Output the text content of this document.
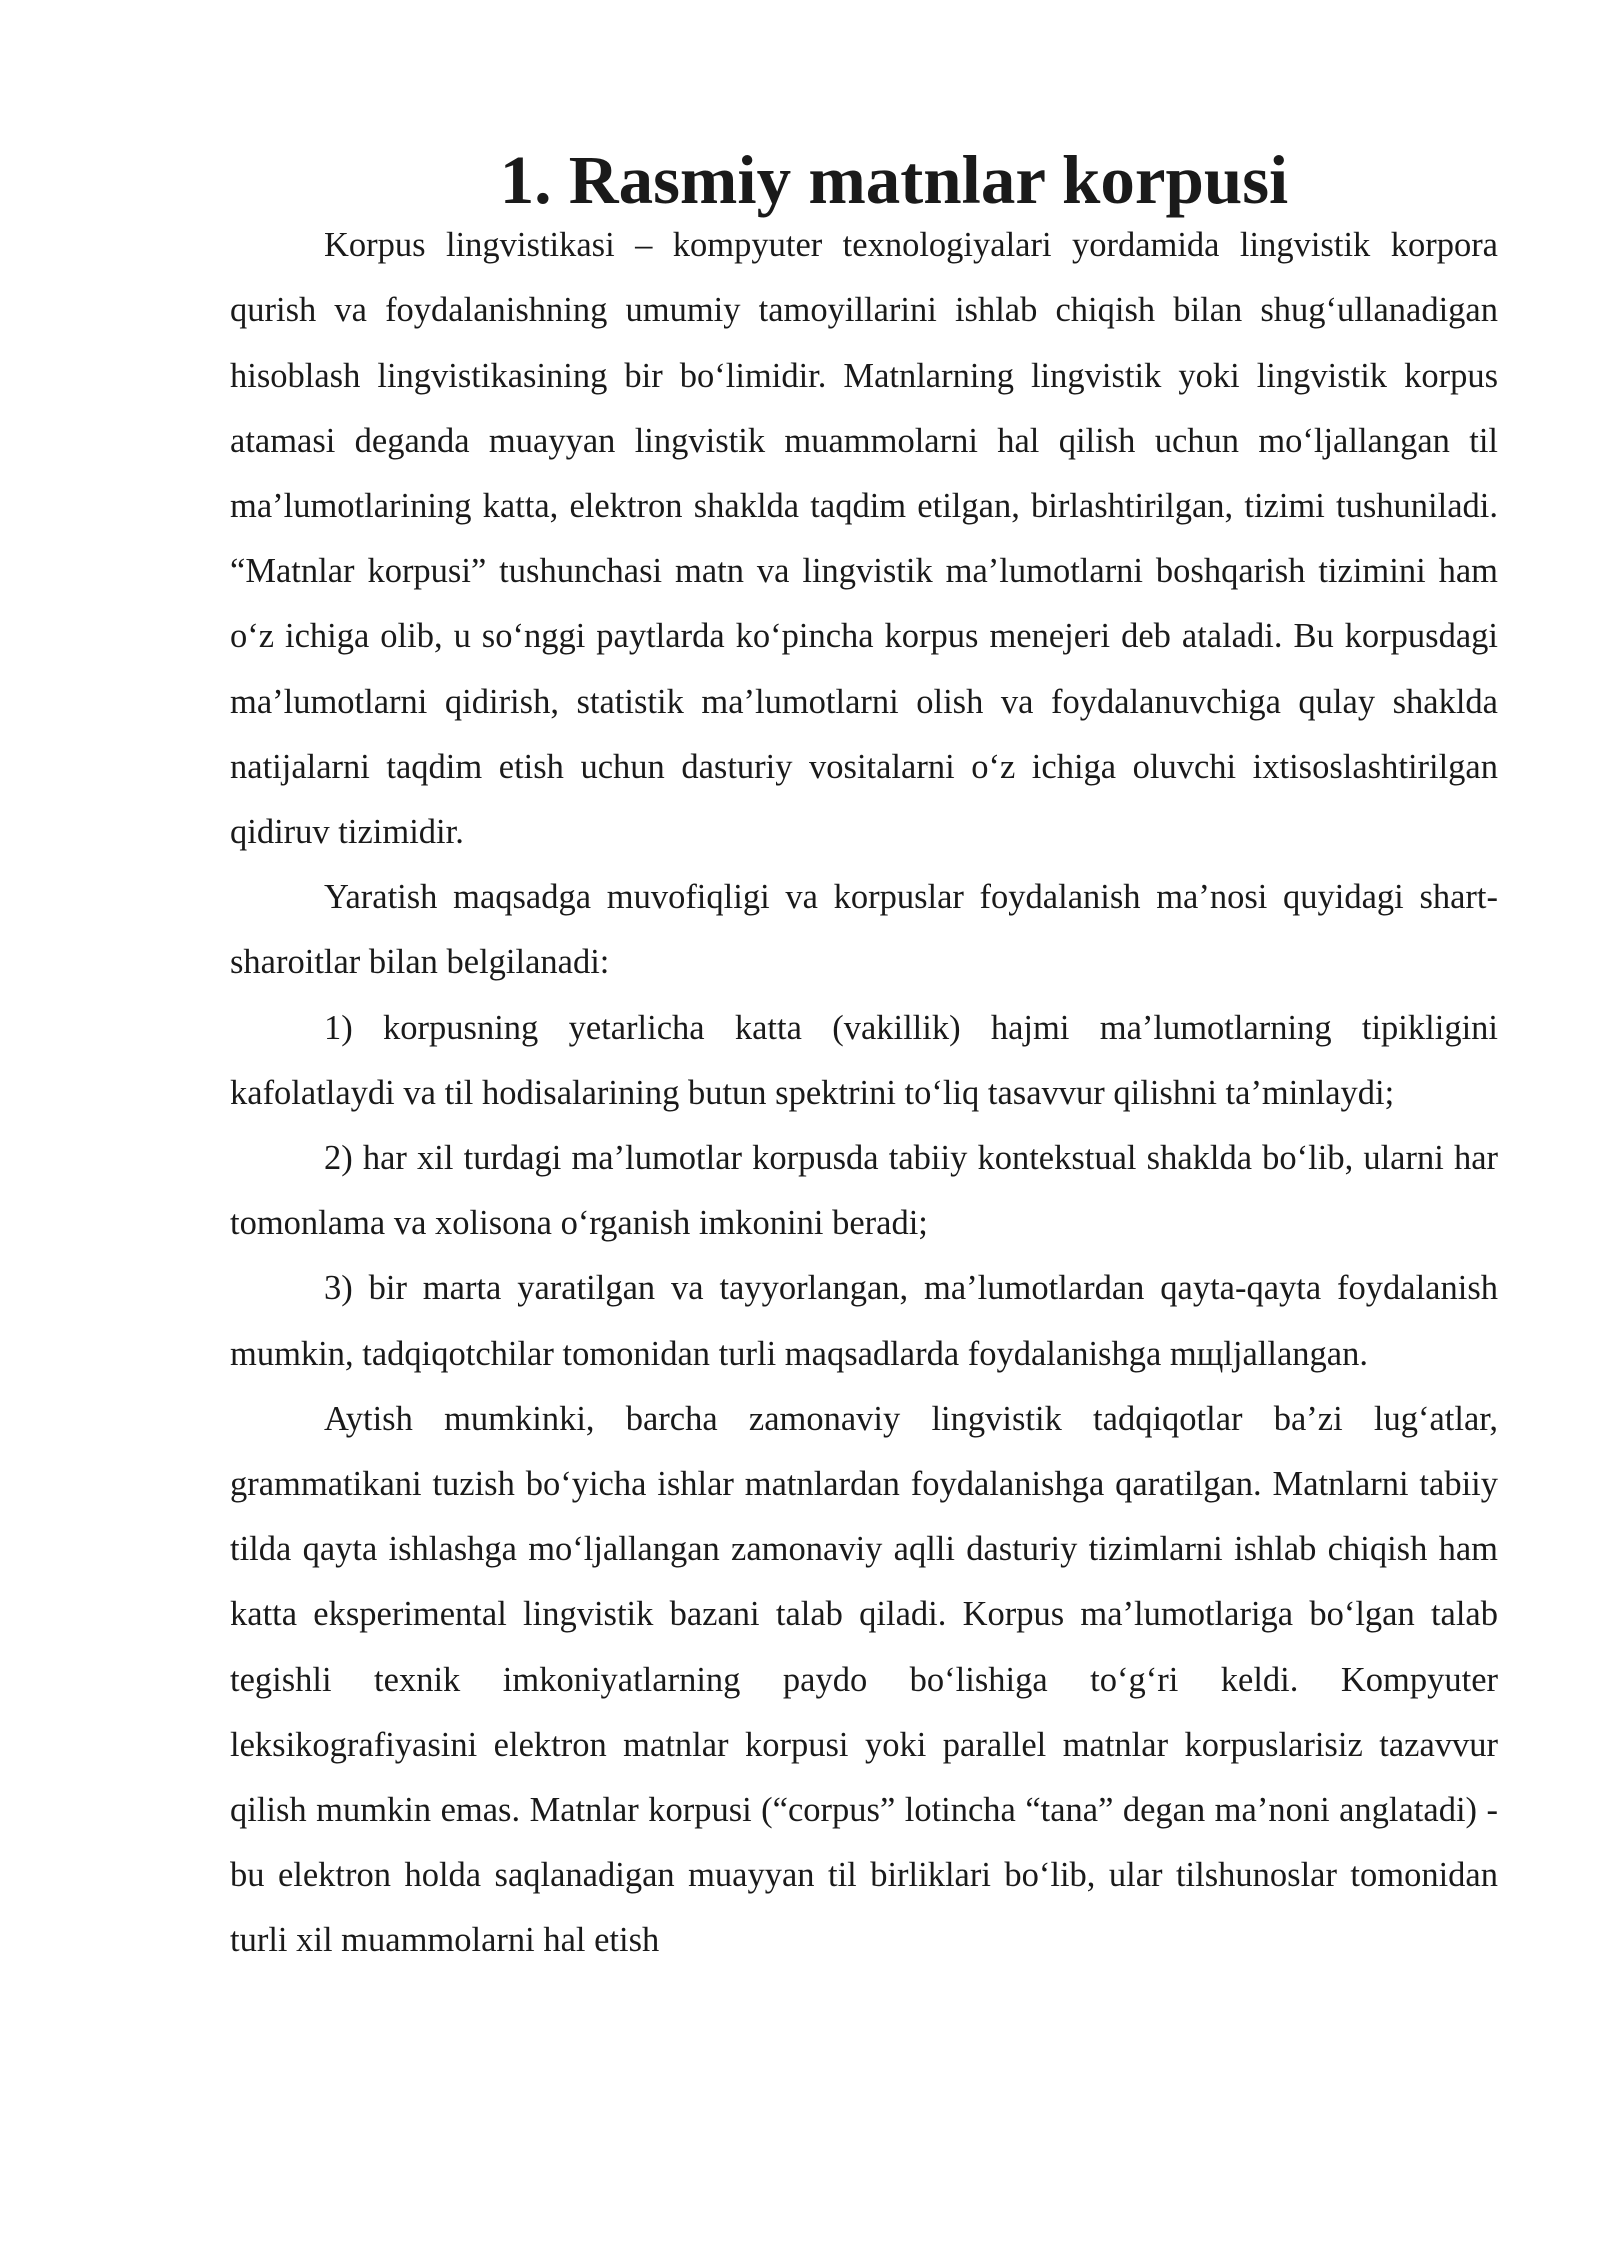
1. Rasmiy matnlar korpusi

Korpus lingvistikasi – kompyuter texnologiyalari yordamida lingvistik korpora qurish va foydalanishning umumiy tamoyillarini ishlab chiqish bilan shug‘ullanadigan hisoblash lingvistikasining bir bo‘limidir. Matnlarning lingvistik yoki lingvistik korpus atamasi deganda muayyan lingvistik muammolarni hal qilish uchun mo‘ljallangan til ma’lumotlarining katta, elektron shaklda taqdim etilgan, birlashtirilgan, tizimi tushuniladi. “Matnlar korpusi” tushunchasi matn va lingvistik ma’lumotlarni boshqarish tizimini ham o‘z ichiga olib, u so‘nggi paytlarda ko‘pincha korpus menejeri deb ataladi. Bu korpusdagi ma’lumotlarni qidirish, statistik ma’lumotlarni olish va foydalanuvchiga qulay shaklda natijalarni taqdim etish uchun dasturiy vositalarni o‘z ichiga oluvchi ixtisoslashtirilgan qidiruv tizimidir.

Yaratish maqsadga muvofiqligi va korpuslar foydalanish ma’nosi quyidagi shart-sharoitlar bilan belgilanadi:

1) korpusning yetarlicha katta (vakillik) hajmi ma’lumotlarning tipikligini kafolatlaydi va til hodisalarining butun spektrini to‘liq tasavvur qilishni ta’minlaydi;

2) har xil turdagi ma’lumotlar korpusda tabiiy kontekstual shaklda bo‘lib, ularni har tomonlama va xolisona o‘rganish imkonini beradi;

3) bir marta yaratilgan va tayyorlangan, ma’lumotlardan qayta-qayta foydalanish mumkin, tadqiqotchilar tomonidan turli maqsadlarda foydalanishga mщljallangan.

Aytish mumkinki, barcha zamonaviy lingvistik tadqiqotlar ba’zi lug‘atlar, grammatikani tuzish bo‘yicha ishlar matnlardan foydalanishga qaratilgan. Matnlarni tabiiy tilda qayta ishlashga mo‘ljallangan zamonaviy aqlli dasturiy tizimlarni ishlab chiqish ham katta eksperimental lingvistik bazani talab qiladi. Korpus ma’lumotlariga bo‘lgan talab tegishli texnik imkoniyatlarning paydo bo‘lishiga to‘g‘ri keldi. Kompyuter leksikografiyasini elektron matnlar korpusi yoki parallel matnlar korpuslarisiz tazavvur qilish mumkin emas. Matnlar korpusi (“corpus” lotincha “tana” degan ma’noni anglatadi) - bu elektron holda saqlanadigan muayyan til birliklari bo‘lib, ular tilshunoslar tomonidan turli xil muammolarni hal etish
